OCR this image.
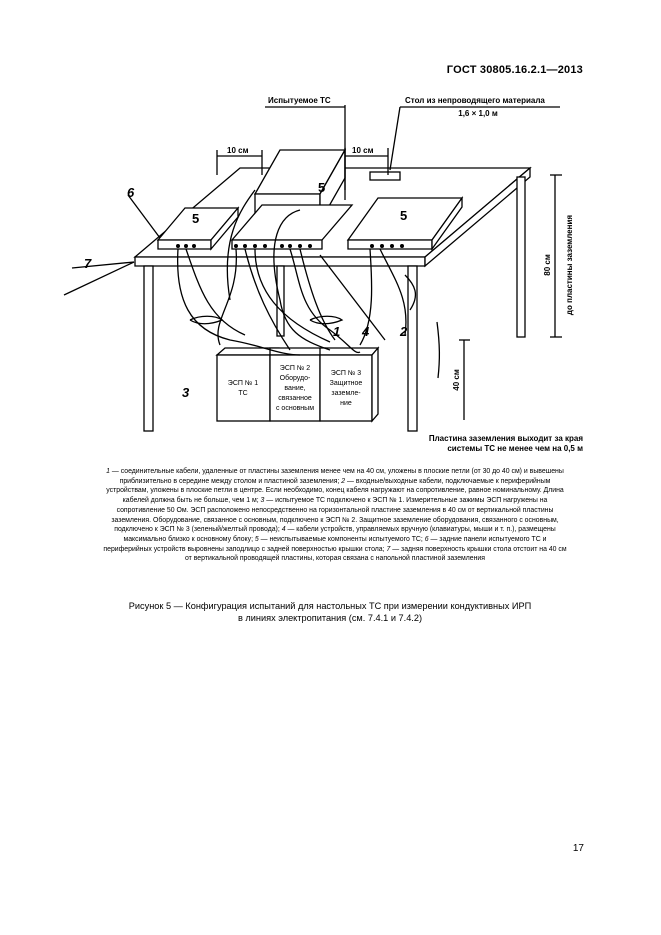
ГОСТ 30805.16.2.1—2013
Испытуемое ТС	Стол из непроводящего материала
1,6 × 1,0 м
10 см	10 см
80 см до пластины заземления
40 см
Пластина заземления выходит за края
системы ТС не менее чем на 0,5 м
ЭСП № 1
ТС
ЭСП № 2
Оборудо-
вание,
связанное
с основным
ЭСП № 3
Защитное
заземле-
ние
1	2
3
4
6
7
5
5
5
1 — соединительные кабели, удаленные от пластины заземления менее чем на 40 см, уложены в плоские петли (от 30 до 40 см) и вывешены приблизительно в середине между столом и пластиной заземления; 2 — входные/выходные кабели, подключаемые к периферийным устройствам, уложены в плоские петли в центре. Если необходимо, конец кабеля нагружают на сопротивление, равное номинальному. Длина кабелей должна быть не больше, чем 1 м; 3 — испытуемое ТС подключено к ЭСП № 1. Измерительные зажимы ЭСП нагружены на сопротивление 50 Ом. ЭСП расположено непосредственно на горизонтальной пластине заземления в 40 см от вертикальной пластины заземления. Оборудование, связанное с основным, подключено к ЭСП № 2. Защитное заземление оборудования, связанного с основным, подключено к ЭСП № 3 (зеленый/желтый провода); 4 — кабели устройств, управляемых вручную (клавиатуры, мыши и т. п.), размещены максимально близко к основному блоку; 5 — неиспытываемые компоненты испытуемого ТС; 6 — задние панели испытуемого ТС и периферийных устройств выровнены заподлицо с задней поверхностью крышки стола; 7 — задняя поверхность крышки стола отстоит на 40 см от вертикальной проводящей пластины, которая связана с напольной пластиной заземления
Рисунок 5 — Конфигурация испытаний для настольных ТС при измерении кондуктивных ИРП
в линиях электропитания (см. 7.4.1 и 7.4.2)
17
